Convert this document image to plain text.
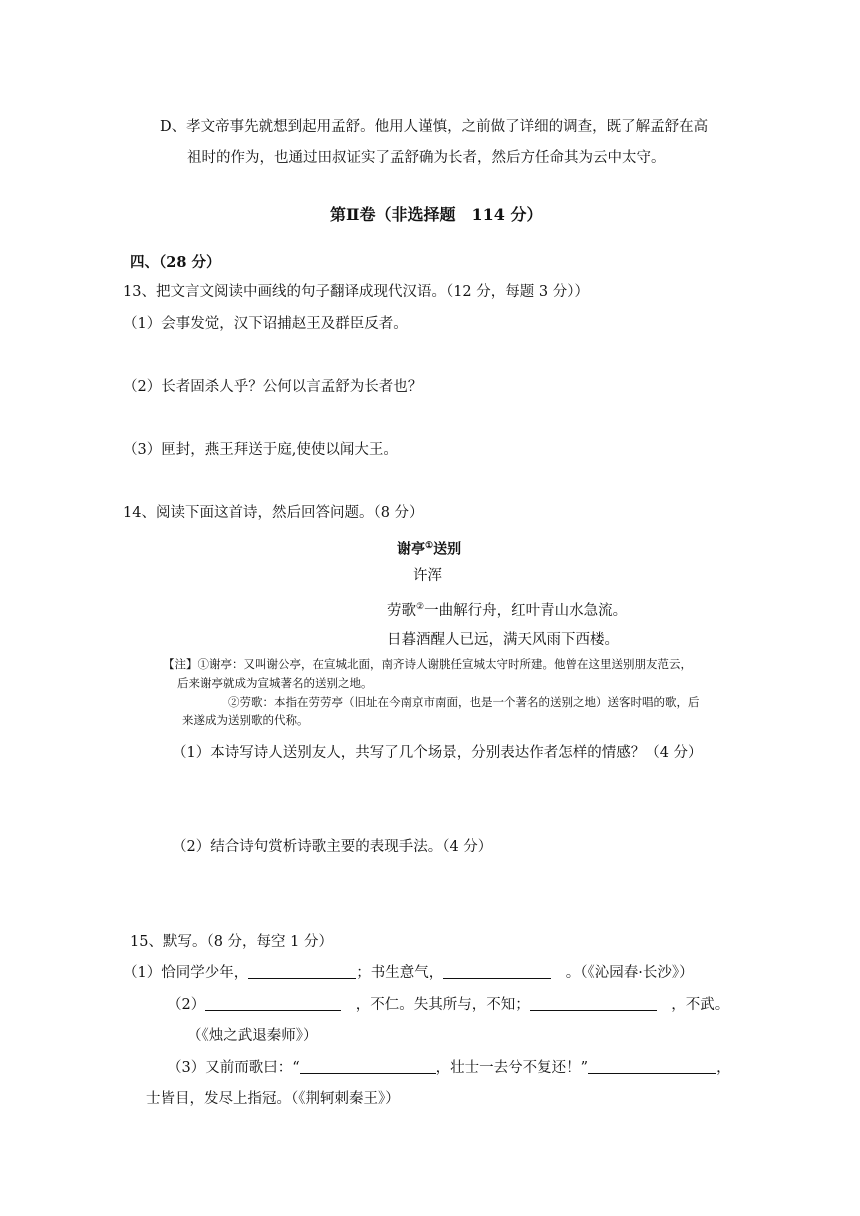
D、孝文帝事先就想到起用孟舒。他用人谨慎，之前做了详细的调查，既了解孟舒在高
祖时的作为，也通过田叔证实了孟舒确为长者，然后方任命其为云中太守。
第Ⅱ卷（非选择题　114 分）
四、（28 分）
13、把文言文阅读中画线的句子翻译成现代汉语。（12 分，每题 3 分））
（1）会事发觉，汉下诏捕赵王及群臣反者。
（2）长者固杀人乎？公何以言孟舒为长者也？
（3）匣封，燕王拜送于庭,使使以闻大王。
14、阅读下面这首诗，然后回答问题。（8 分）
谢亭①送别
许浑
劳歌②一曲解行舟，红叶青山水急流。
日暮酒醒人已远，满天风雨下西楼。
【注】①谢亭：又叫谢公亭，在宣城北面，南齐诗人谢朓任宣城太守时所建。他曾在这里送别朋友范云，
后来谢亭就成为宣城著名的送别之地。
②劳歌：本指在劳劳亭（旧址在今南京市南面，也是一个著名的送别之地）送客时唱的歌，后
来遂成为送别歌的代称。
（1）本诗写诗人送别友人，共写了几个场景，分别表达作者怎样的情感？（4 分）
（2）结合诗句赏析诗歌主要的表现手法。（4 分）
15、默写。（8 分，每空 1 分）
（1）恰同学少年，	；书生意气，	　。（《沁园春·长沙》）
（2）	　，不仁。失其所与，不知；	　，不武。
（《烛之武退秦师》）
（3）又前而歌曰：“	，壮士一去兮不复还！”	，
士皆目，发尽上指冠。（《荆轲刺秦王》）
